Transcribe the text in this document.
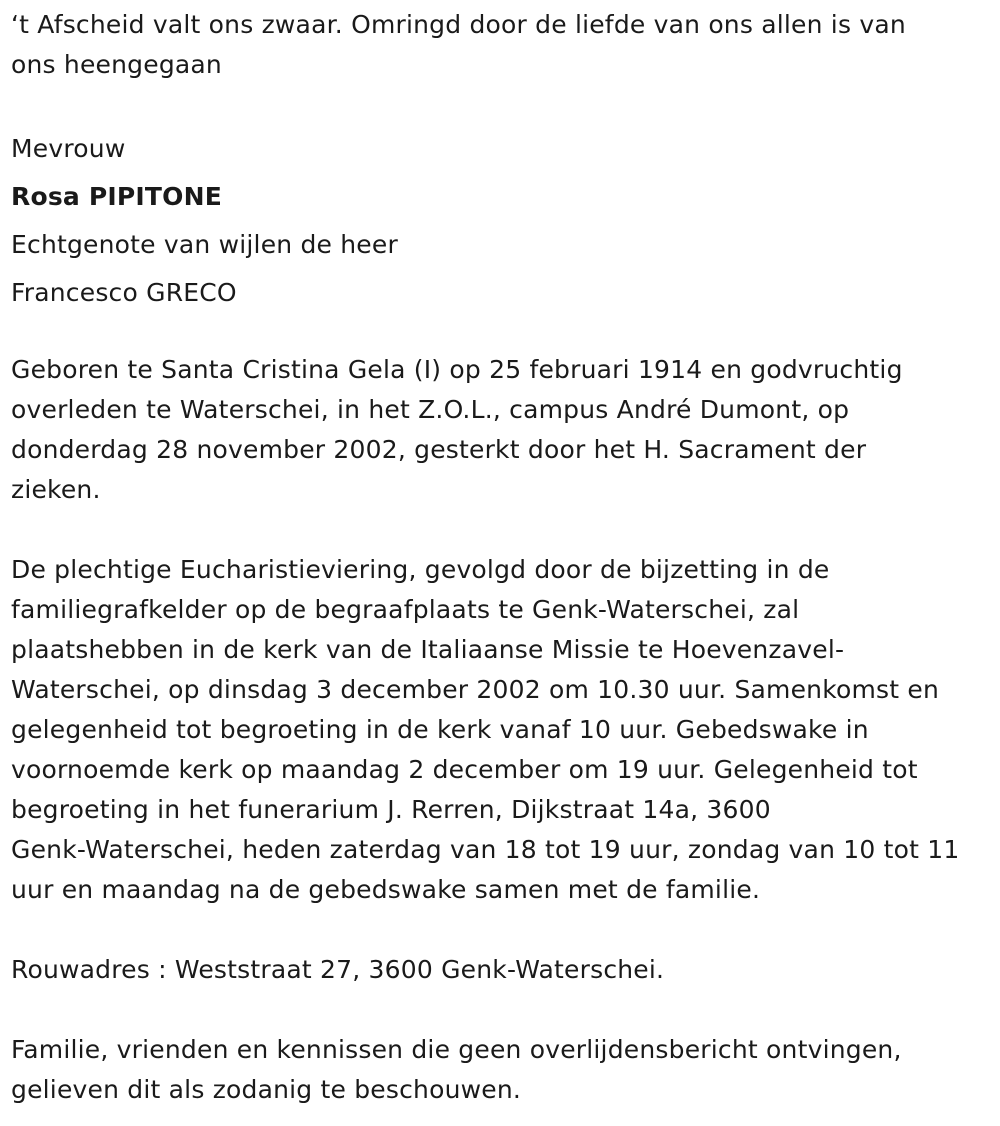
‘t Afscheid valt ons zwaar. Omringd door de liefde van ons allen is van
ons heengegaan
Mevrouw
Rosa PIPITONE
Echtgenote van wijlen de heer
Francesco GRECO
Geboren te Santa Cristina Gela (I) op 25 februari 1914 en godvruchtig
overleden te Waterschei, in het Z.O.L., campus André Dumont, op
donderdag 28 november 2002, gesterkt door het H. Sacrament der
zieken.
De plechtige Eucharistieviering, gevolgd door de bijzetting in de
familiegrafkelder op de begraafplaats te Genk-Waterschei, zal
plaatshebben in de kerk van de Italiaanse Missie te Hoevenzavel-
Waterschei, op dinsdag 3 december 2002 om 10.30 uur. Samenkomst en
gelegenheid tot begroeting in de kerk vanaf 10 uur. Gebedswake in
voornoemde kerk op maandag 2 december om 19 uur. Gelegenheid tot
begroeting in het funerarium J. Rerren, Dijkstraat 14a, 3600
Genk-Waterschei, heden zaterdag van 18 tot 19 uur, zondag van 10 tot 11
uur en maandag na de gebedswake samen met de familie.
Rouwadres : Weststraat 27, 3600 Genk-Waterschei.
Familie, vrienden en kennissen die geen overlijdensbericht ontvingen,
gelieven dit als zodanig te beschouwen.
